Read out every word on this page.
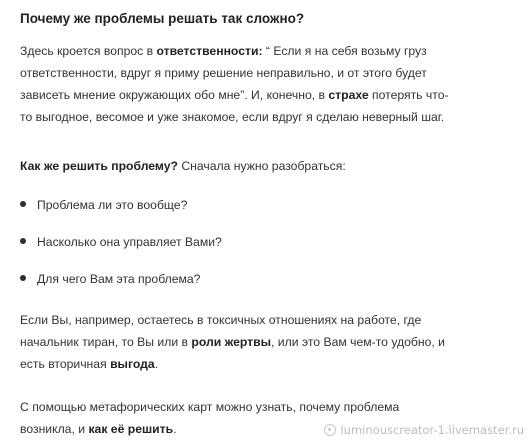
Почему же проблемы решать так сложно?
Здесь кроется вопрос в ответственности: “ Если я на себя возьму груз
ответственности, вдруг я приму решение неправильно, и от этого будет
зависеть мнение окружающих обо мне”. И, конечно, в страхе потерять что-
то выгодное, весомое и уже знакомое, если вдруг я сделаю неверный шаг.
Как же решить проблему? Сначала нужно разобраться:
Проблема ли это вообще?
Насколько она управляет Вами?
Для чего Вам эта проблема?
Если Вы, например, остаетесь в токсичных отношениях на работе, где
начальник тиран, то Вы или в роли жертвы, или это Вам чем-то удобно, и
есть вторичная выгода.
С помощью метафорических карт можно узнать, почему проблема
возникла, и как её решить.	luminouscreator-1.livemaster.ru
